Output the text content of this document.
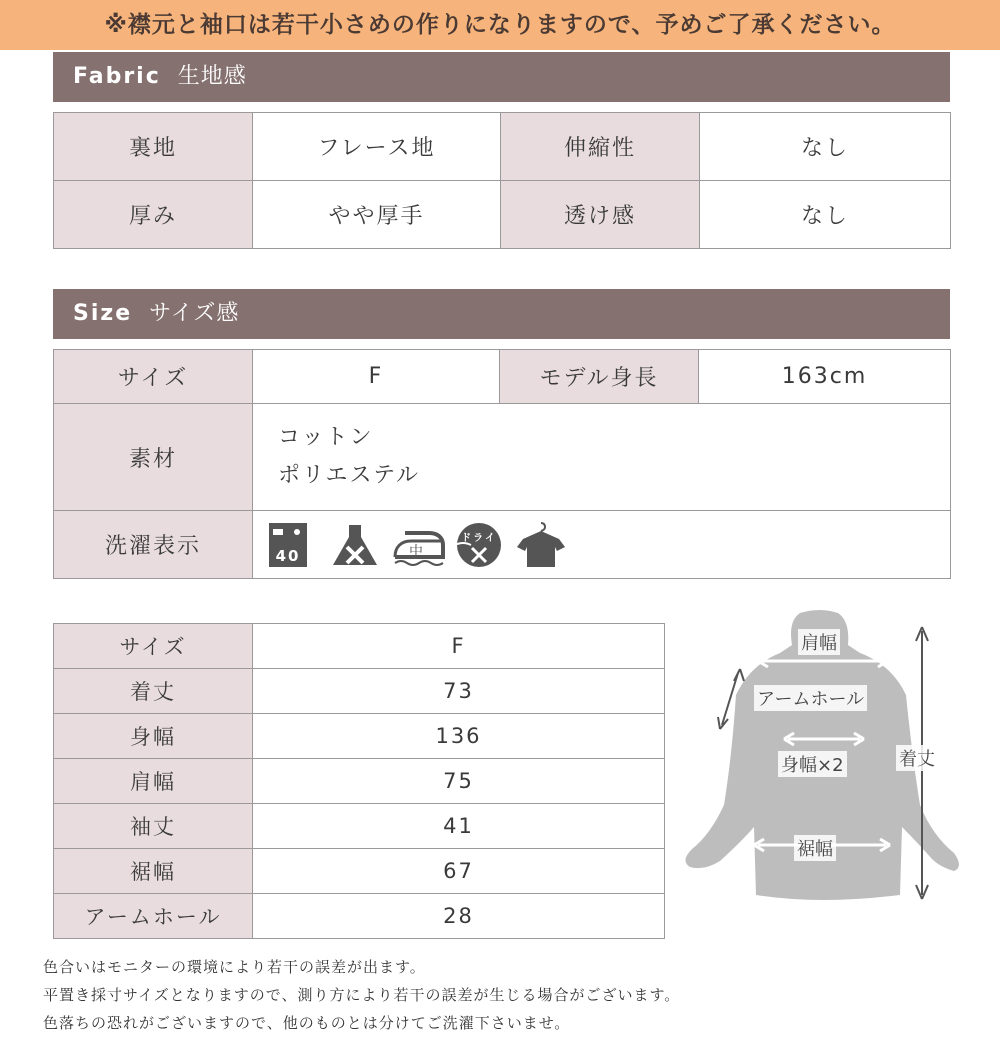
※襟元と袖口は若干小さめの作りになりますので、予めご了承ください。
Fabric 生地感
裏地	フレース地	伸縮性	なし
厚み	やや厚手	透け感	なし
Size サイズ感
サイズ	F	モデル身長	163cm
素材	コットン
ポリエステル		

洗濯表示	40 中
ドライ		
サイズ	F
着丈	73
身幅	136
肩幅	75
袖丈	41
裾幅	67
アームホール	28
肩幅
アームホール
身幅×2	着丈
裾幅
色合いはモニターの環境により若干の誤差が出ます。
平置き採寸サイズとなりますので、測り方により若干の誤差が生じる場合がございます。
色落ちの恐れがございますので、他のものとは分けてご洗濯下さいませ。
